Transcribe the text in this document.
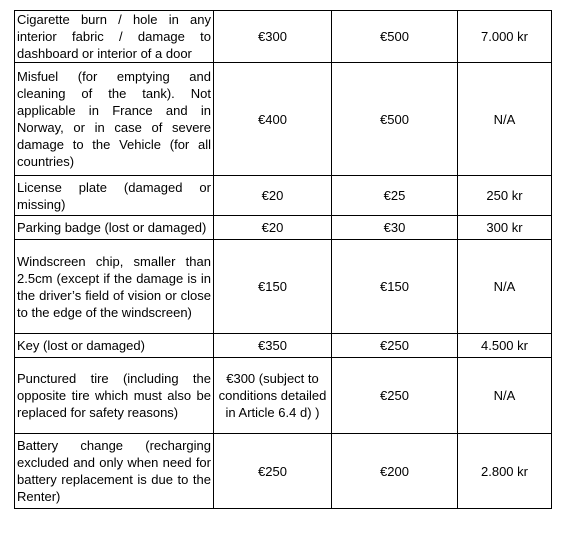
Cigarette burn / hole in any interior fabric / damage to dashboard or interior of a door	€300	€500	7.000 kr
Misfuel (for emptying and cleaning of the tank). Not applicable in France and in Norway, or in case of severe damage to the Vehicle (for all countries)	€400	€500	N/A
License plate (damaged or missing)	€20	€25	250 kr
Parking badge (lost or damaged)	€20	€30	300 kr
Windscreen chip, smaller than 2.5cm (except if the damage is in the driver’s field of vision or close to the edge of the windscreen)	€150	€150	N/A
Key (lost or damaged)	€350	€250	4.500 kr
Punctured tire (including the opposite tire which must also be replaced for safety reasons)	€300 (subject to conditions detailed in Article 6.4 d) )	€250	N/A
Battery change (recharging excluded and only when need for battery replacement is due to the Renter)	€250	€200	2.800 kr
